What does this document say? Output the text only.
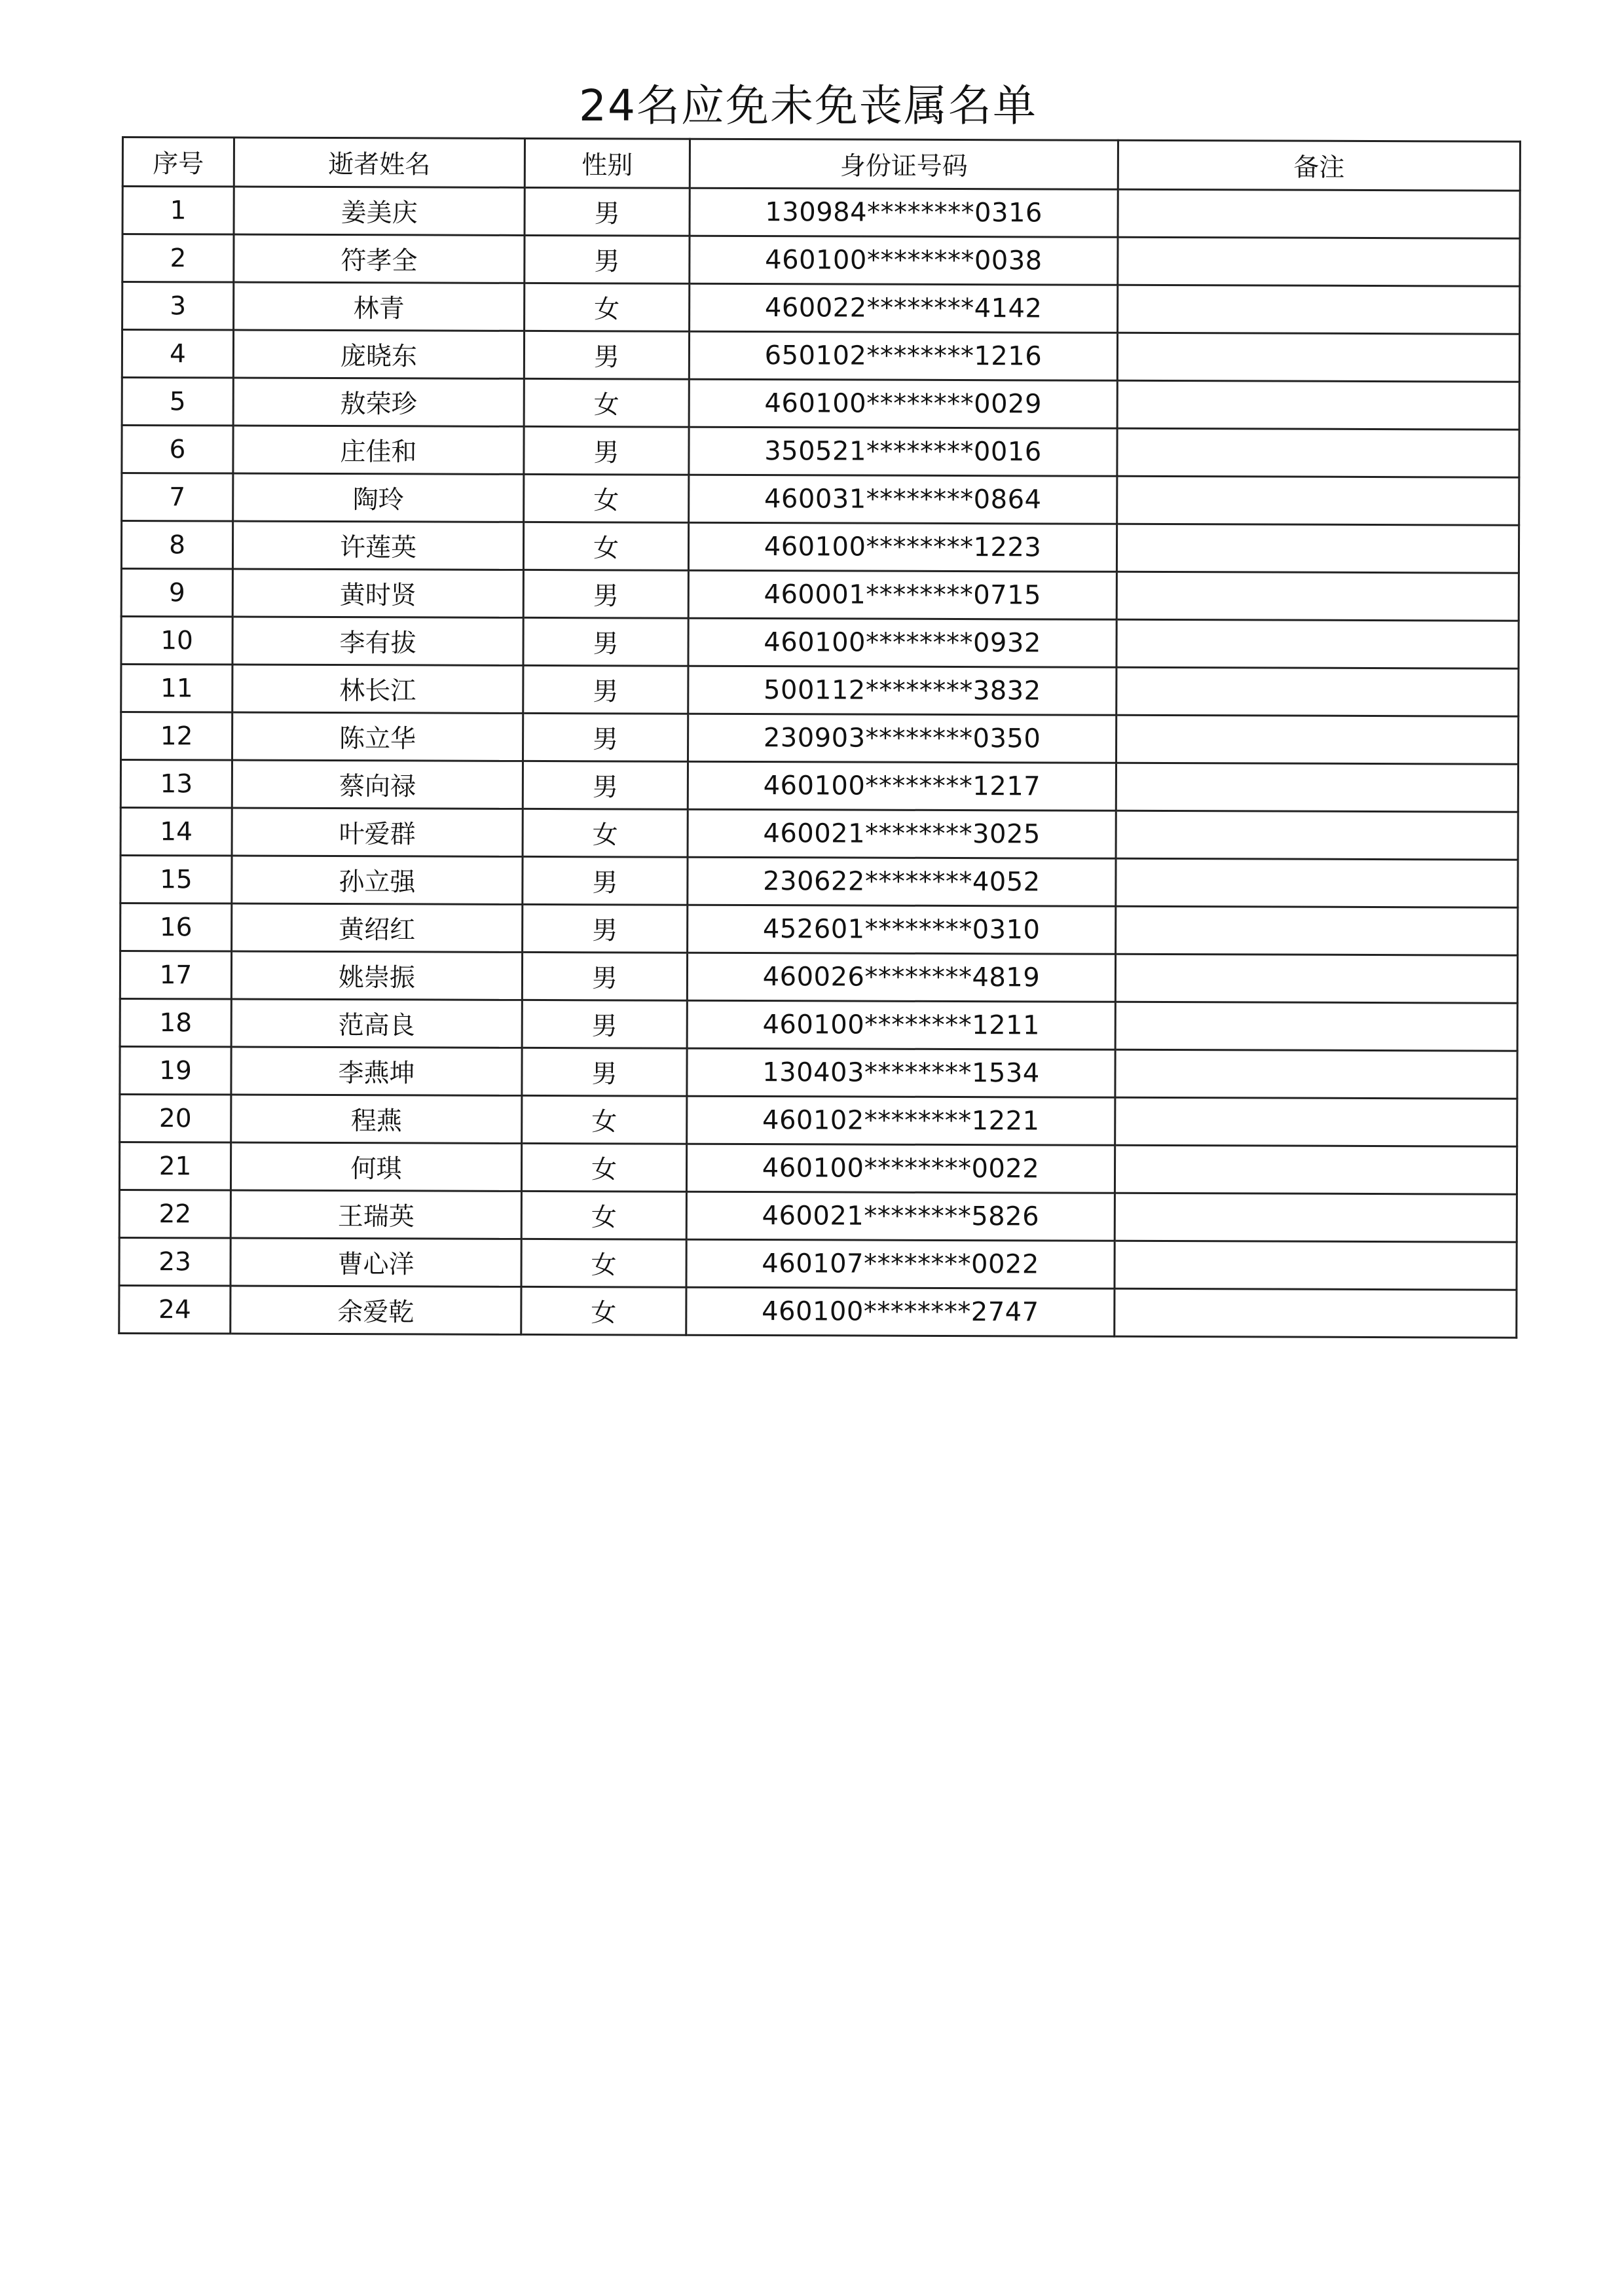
24名应免未免丧属名单
序号	逝者姓名	性别	身份证号码	备注
1	姜美庆	男	130984********0316	
2	符孝全	男	460100********0038	
3	林青	女	460022********4142	
4	庞晓东	男	650102********1216	
5	敖荣珍	女	460100********0029	
6	庄佳和	男	350521********0016	
7	陶玲	女	460031********0864	
8	许莲英	女	460100********1223	
9	黄时贤	男	460001********0715	
10	李有拔	男	460100********0932	
11	林长江	男	500112********3832	
12	陈立华	男	230903********0350	
13	蔡向禄	男	460100********1217	
14	叶爱群	女	460021********3025	
15	孙立强	男	230622********4052	
16	黄绍红	男	452601********0310	
17	姚崇振	男	460026********4819	
18	范高良	男	460100********1211	
19	李燕坤	男	130403********1534	
20	程燕	女	460102********1221	
21	何琪	女	460100********0022	
22	王瑞英	女	460021********5826	
23	曹心洋	女	460107********0022	
24	余爱乾	女	460100********2747	
